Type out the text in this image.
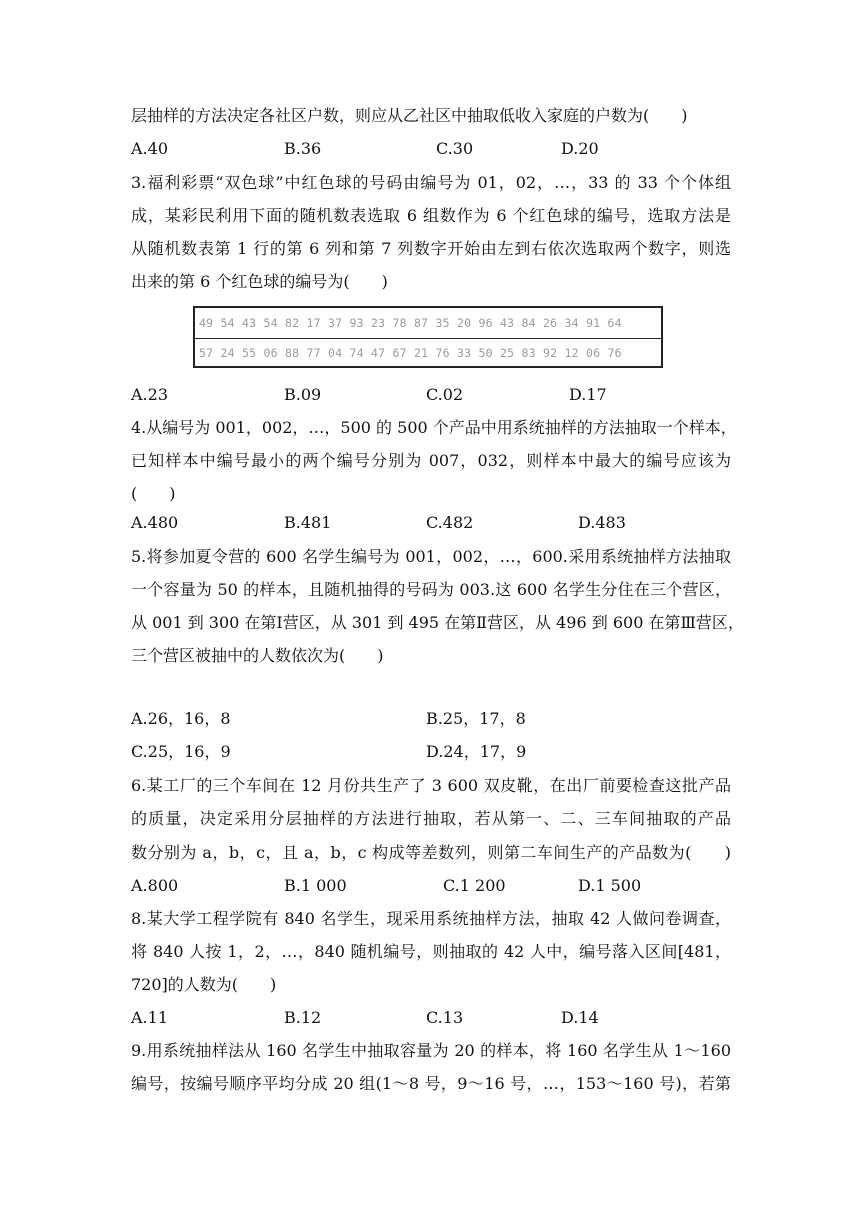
层抽样的方法决定各社区户数，则应从乙社区中抽取低收入家庭的户数为(　　)
A.40	B.36	C.30	D.20
3.福利彩票“双色球”中红色球的号码由编号为 01，02，…，33 的 33 个个体组
成，某彩民利用下面的随机数表选取 6 组数作为 6 个红色球的编号，选取方法是
从随机数表第 1 行的第 6 列和第 7 列数字开始由左到右依次选取两个数字，则选
出来的第 6 个红色球的编号为(　　)
49 54 43 54 82 17 37 93 23 78 87 35 20 96 43 84 26 34 91 64
57 24 55 06 88 77 04 74 47 67 21 76 33 50 25 83 92 12 06 76
A.23	B.09	C.02	D.17
4.从编号为 001，002，…，500 的 500 个产品中用系统抽样的方法抽取一个样本，
已知样本中编号最小的两个编号分别为 007，032，则样本中最大的编号应该为
(　　)
A.480	B.481	C.482	D.483
5.将参加夏令营的 600 名学生编号为 001，002，…，600.采用系统抽样方法抽取
一个容量为 50 的样本，且随机抽得的号码为 003.这 600 名学生分住在三个营区，
从 001 到 300 在第Ⅰ营区，从 301 到 495 在第Ⅱ营区，从 496 到 600 在第Ⅲ营区，
三个营区被抽中的人数依次为(　　)
A.26，16，8	B.25，17，8
C.25，16，9	D.24，17，9
6.某工厂的三个车间在 12 月份共生产了 3 600 双皮靴，在出厂前要检查这批产品
的质量，决定采用分层抽样的方法进行抽取，若从第一、二、三车间抽取的产品
数分别为 a，b，c，且 a，b，c 构成等差数列，则第二车间生产的产品数为(　　)
A.800	B.1 000	C.1 200	D.1 500
8.某大学工程学院有 840 名学生，现采用系统抽样方法，抽取 42 人做问卷调查，
将 840 人按 1，2，…，840 随机编号，则抽取的 42 人中，编号落入区间[481，
720]的人数为(　　)
A.11	B.12	C.13	D.14
9.用系统抽样法从 160 名学生中抽取容量为 20 的样本，将 160 名学生从 1～160
编号，按编号顺序平均分成 20 组(1～8 号，9～16 号，…，153～160 号)，若第
